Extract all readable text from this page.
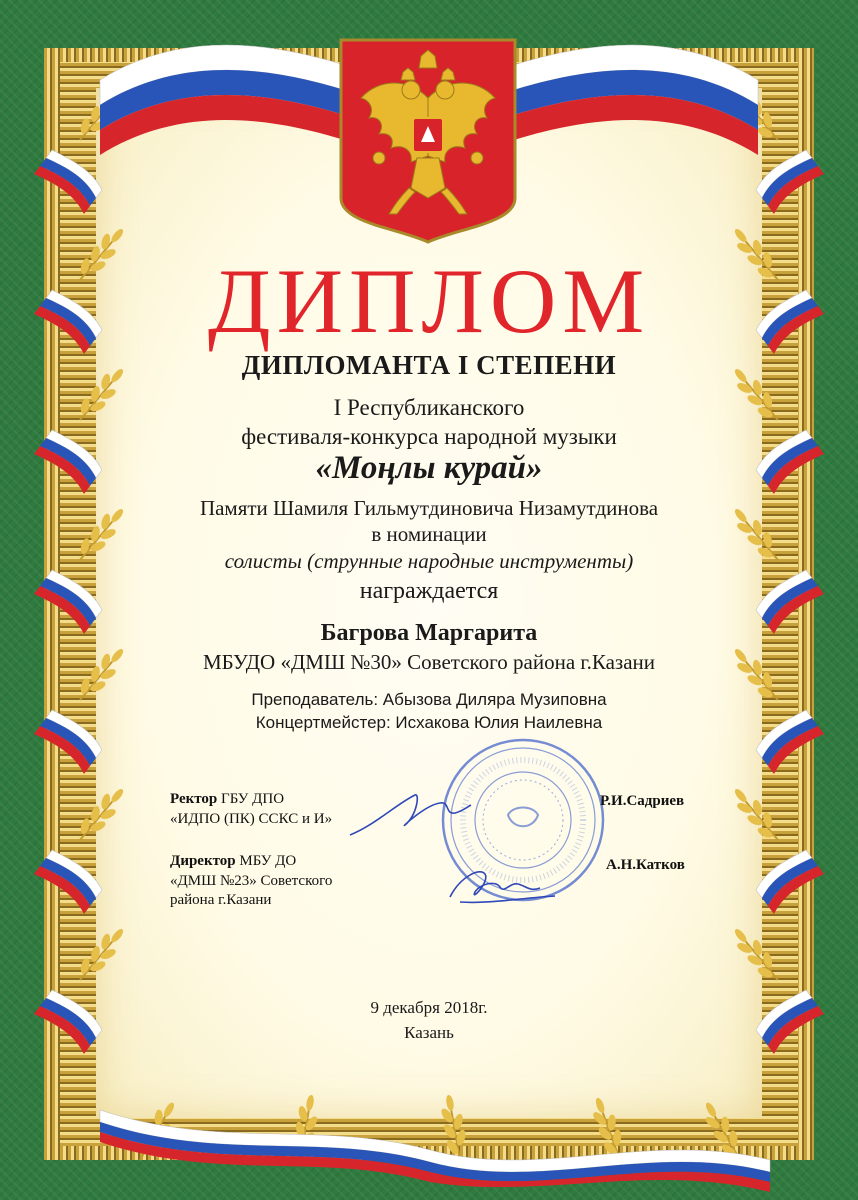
ДИПЛОМ
ДИПЛОМАНТА I СТЕПЕНИ
I Республиканского
фестиваля-конкурса народной музыки
«Моңлы курай»
Памяти Шамиля Гильмутдиновича Низамутдинова
в номинации
солисты (струнные народные инструменты)
награждается
Багрова Маргарита
МБУДО «ДМШ №30» Советского района г.Казани
Преподаватель: Абызова Диляра Музиповна
Концертмейстер: Исхакова Юлия Наилевна
Ректор ГБУ ДПО
«ИДПО (ПК) ССКС и И»
Р.И.Садриев
Директор МБУ ДО
«ДМШ №23» Советского
района г.Казани
А.Н.Катков
9 декабря 2018г.
Казань
